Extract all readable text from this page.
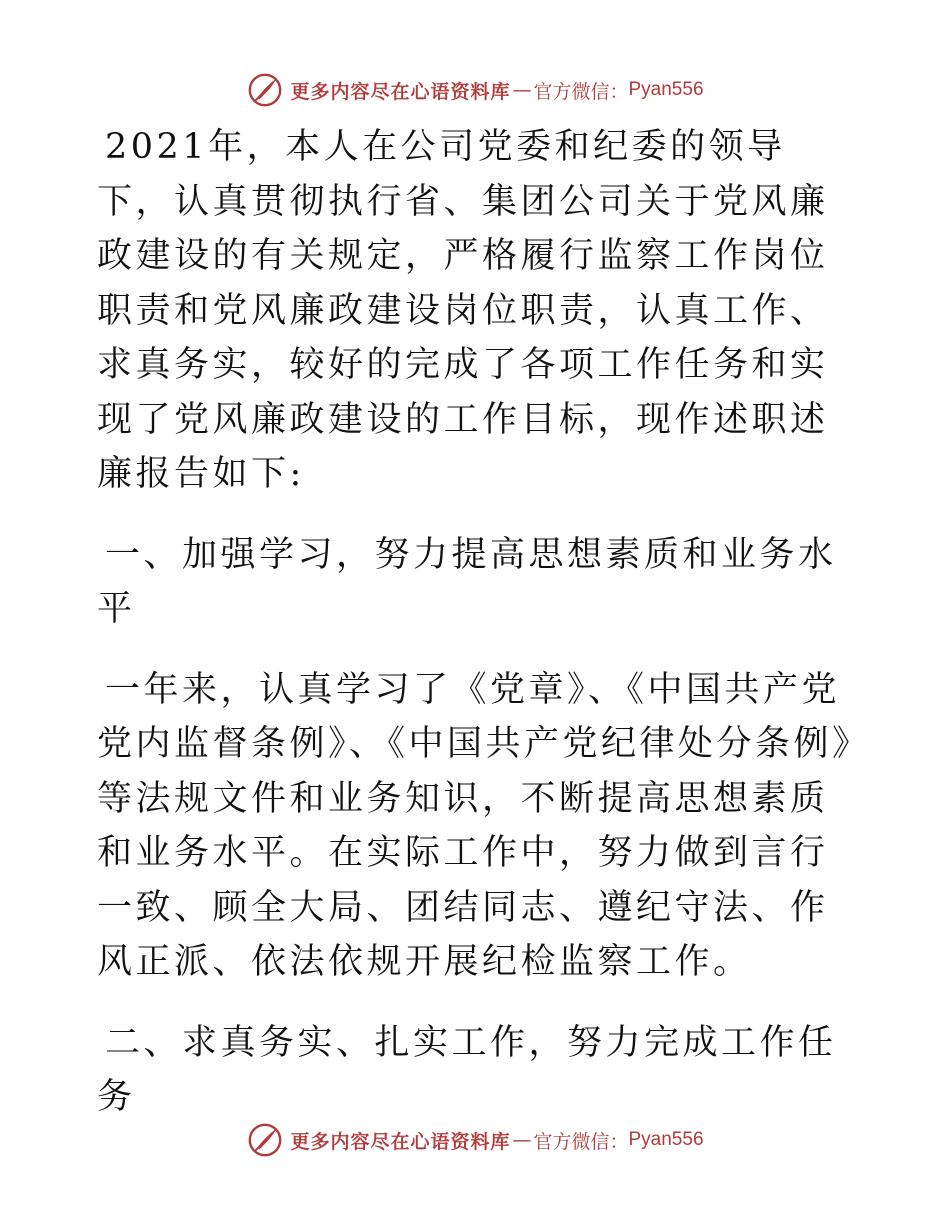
更多内容尽在心语资料库 — 官方微信： Pyan556

2021年，本人在公司党委和纪委的领导下，认真贯彻执行省、集团公司关于党风廉政建设的有关规定，严格履行监察工作岗位职责和党风廉政建设岗位职责，认真工作、求真务实，较好的完成了各项工作任务和实现了党风廉政建设的工作目标，现作述职述廉报告如下:

一、加强学习，努力提高思想素质和业务水平

一年来，认真学习了《党章》、《中国共产党党内监督条例》、《中国共产党纪律处分条例》等法规文件和业务知识，不断提高思想素质和业务水平。在实际工作中，努力做到言行一致、顾全大局、团结同志、遵纪守法、作风正派、依法依规开展纪检监察工作。

二、求真务实、扎实工作，努力完成工作任务

更多内容尽在心语资料库 — 官方微信： Pyan556
